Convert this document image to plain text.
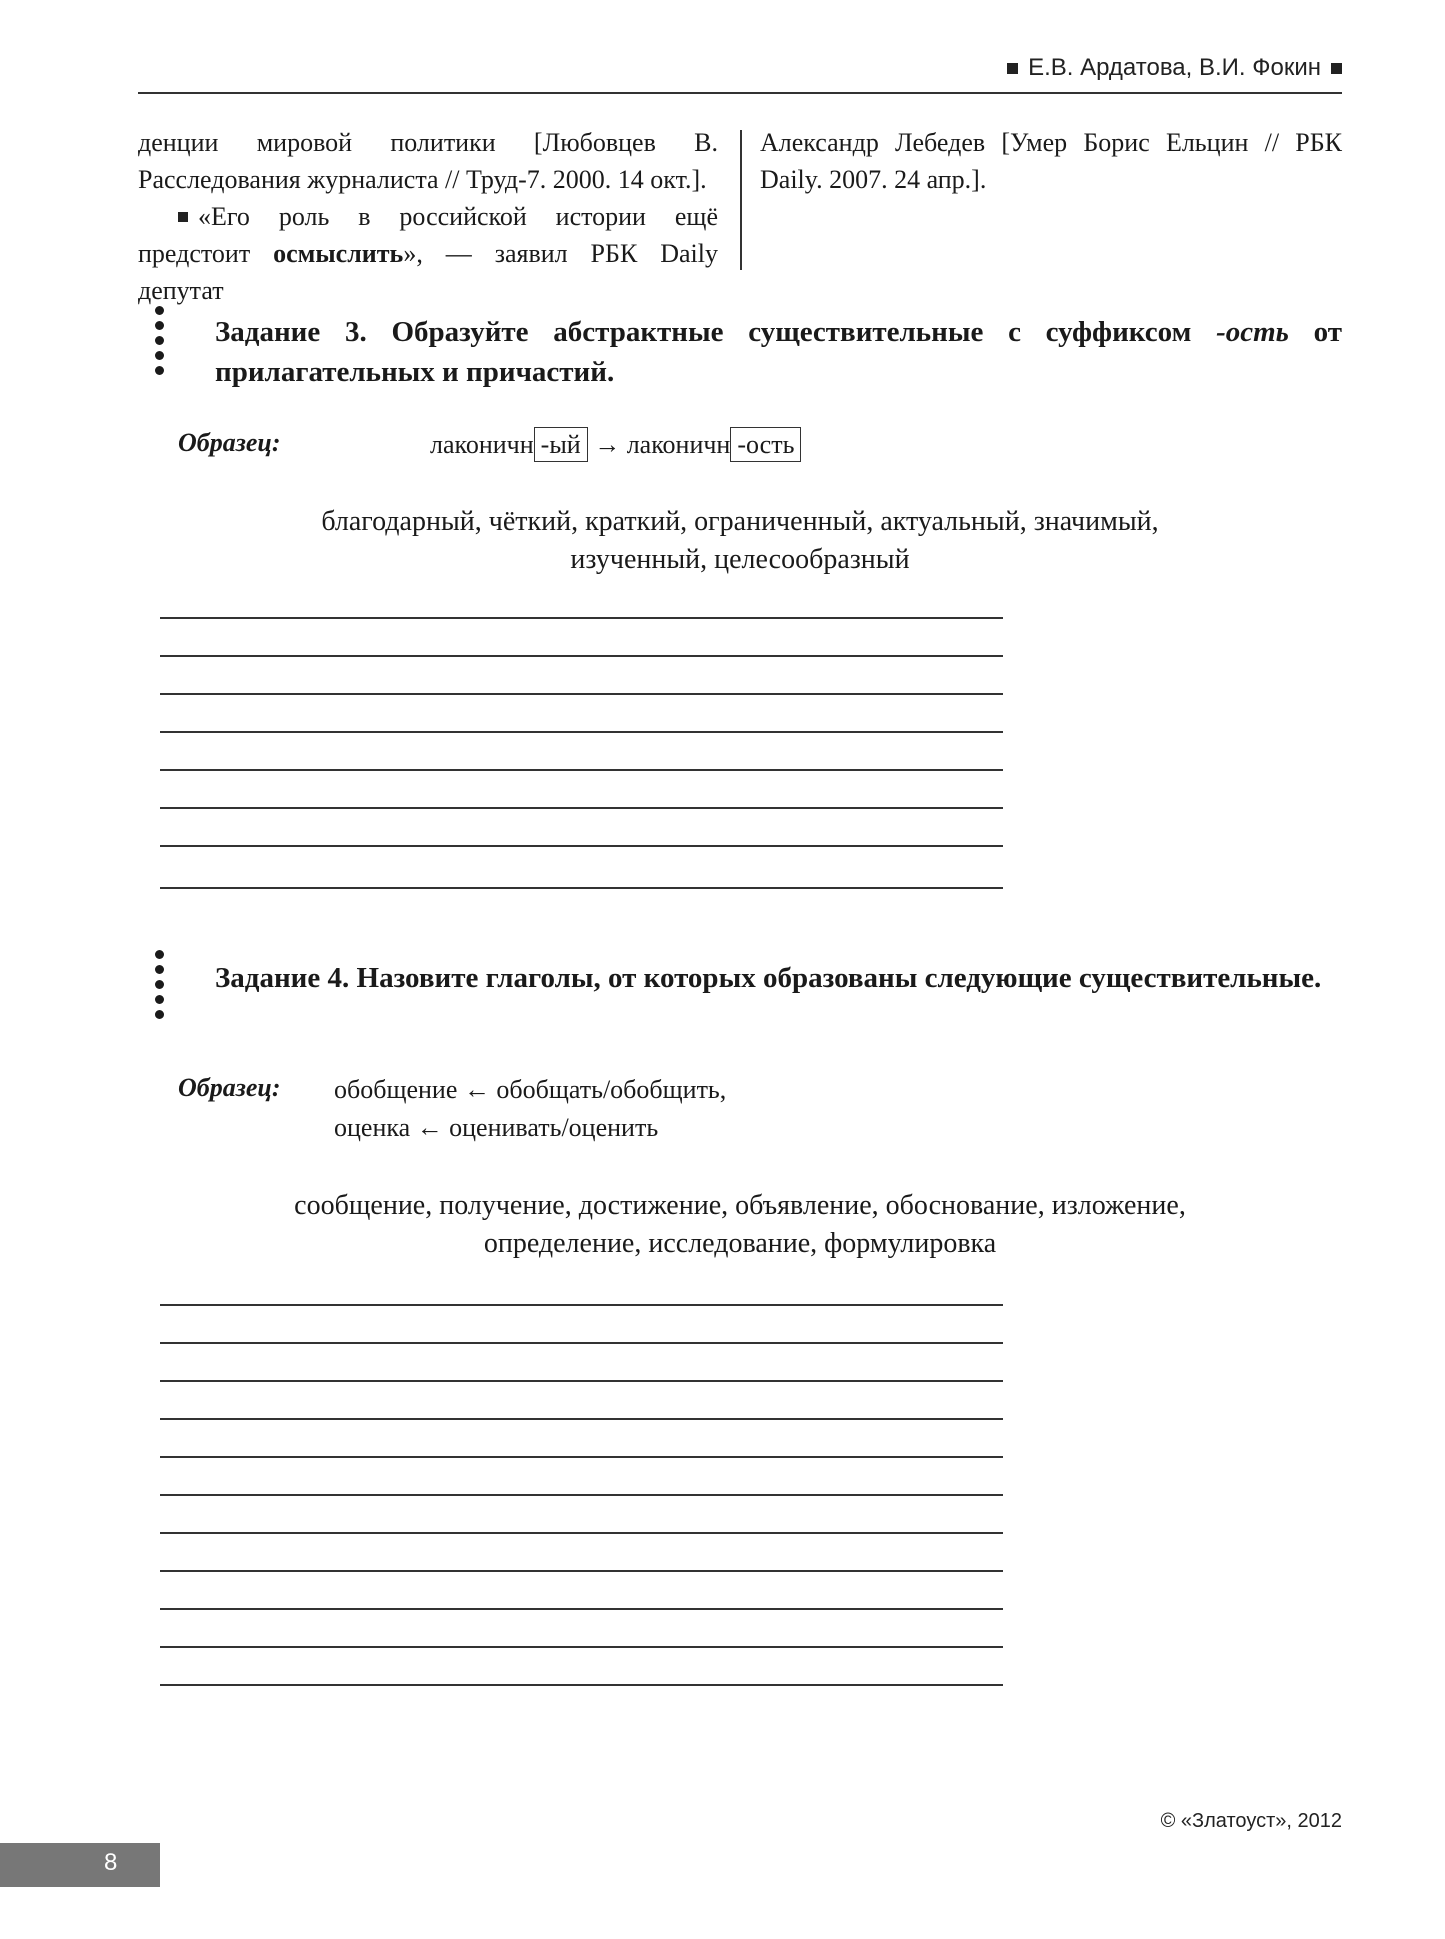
Е.В. Ардатова, В.И. Фокин

денции мировой политики [Любовцев В. Расследования журналиста // Труд-7. 2000. 14 окт.].

«Его роль в российской истории ещё предстоит осмыслить», — заявил РБК Daily депутат

Александр Лебедев [Умер Борис Ельцин // РБК Daily. 2007. 24 апр.].

Задание 3. Образуйте абстрактные существительные с суффиксом -ость от прилагательных и причастий.
Образец:	лаконичн -ый → лаконичн -ость
благодарный, чёткий, краткий, ограниченный, актуальный, значимый,
изученный, целесообразный
Задание 4. Назовите глаголы, от которых образованы следующие существительные.
Образец: обобщение ← обобщать/обобщить,
оценка ← оценивать/оценить
сообщение, получение, достижение, объявление, обоснование, изложение,
определение, исследование, формулировка
© «Златоуст», 2012
8
